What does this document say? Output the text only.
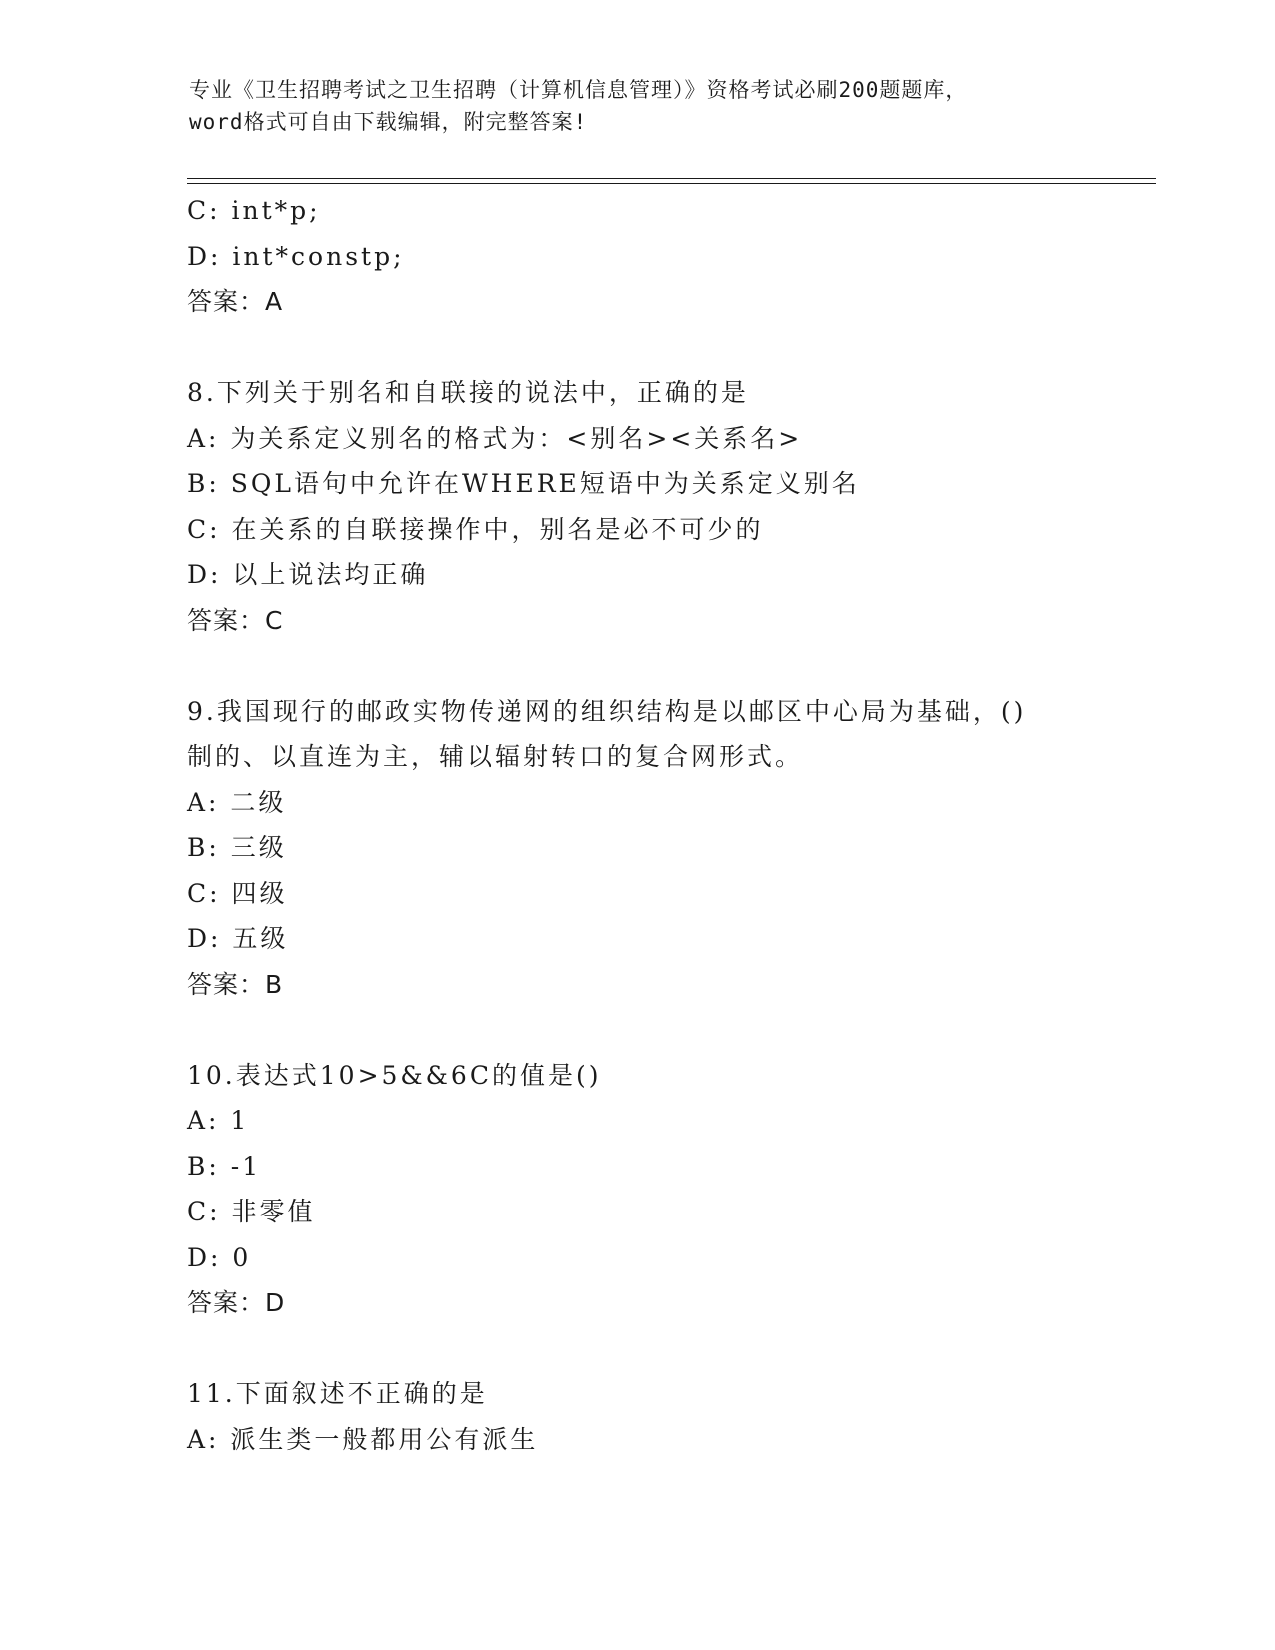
专业《卫生招聘考试之卫生招聘（计算机信息管理）》资格考试必刷200题题库，
word格式可自由下载编辑，附完整答案!
C: int*p;
D: int*constp;
答案：A
8.下列关于别名和自联接的说法中，正确的是
A: 为关系定义别名的格式为：<别名><关系名>
B: SQL语句中允许在WHERE短语中为关系定义别名
C: 在关系的自联接操作中，别名是必不可少的
D: 以上说法均正确
答案：C
9.我国现行的邮政实物传递网的组织结构是以邮区中心局为基础，()
制的、以直连为主，辅以辐射转口的复合网形式。
A: 二级
B: 三级
C: 四级
D: 五级
答案：B
10.表达式10>5&&6C的值是()
A: 1
B: -1
C: 非零值
D: 0
答案：D
11.下面叙述不正确的是
A: 派生类一般都用公有派生
